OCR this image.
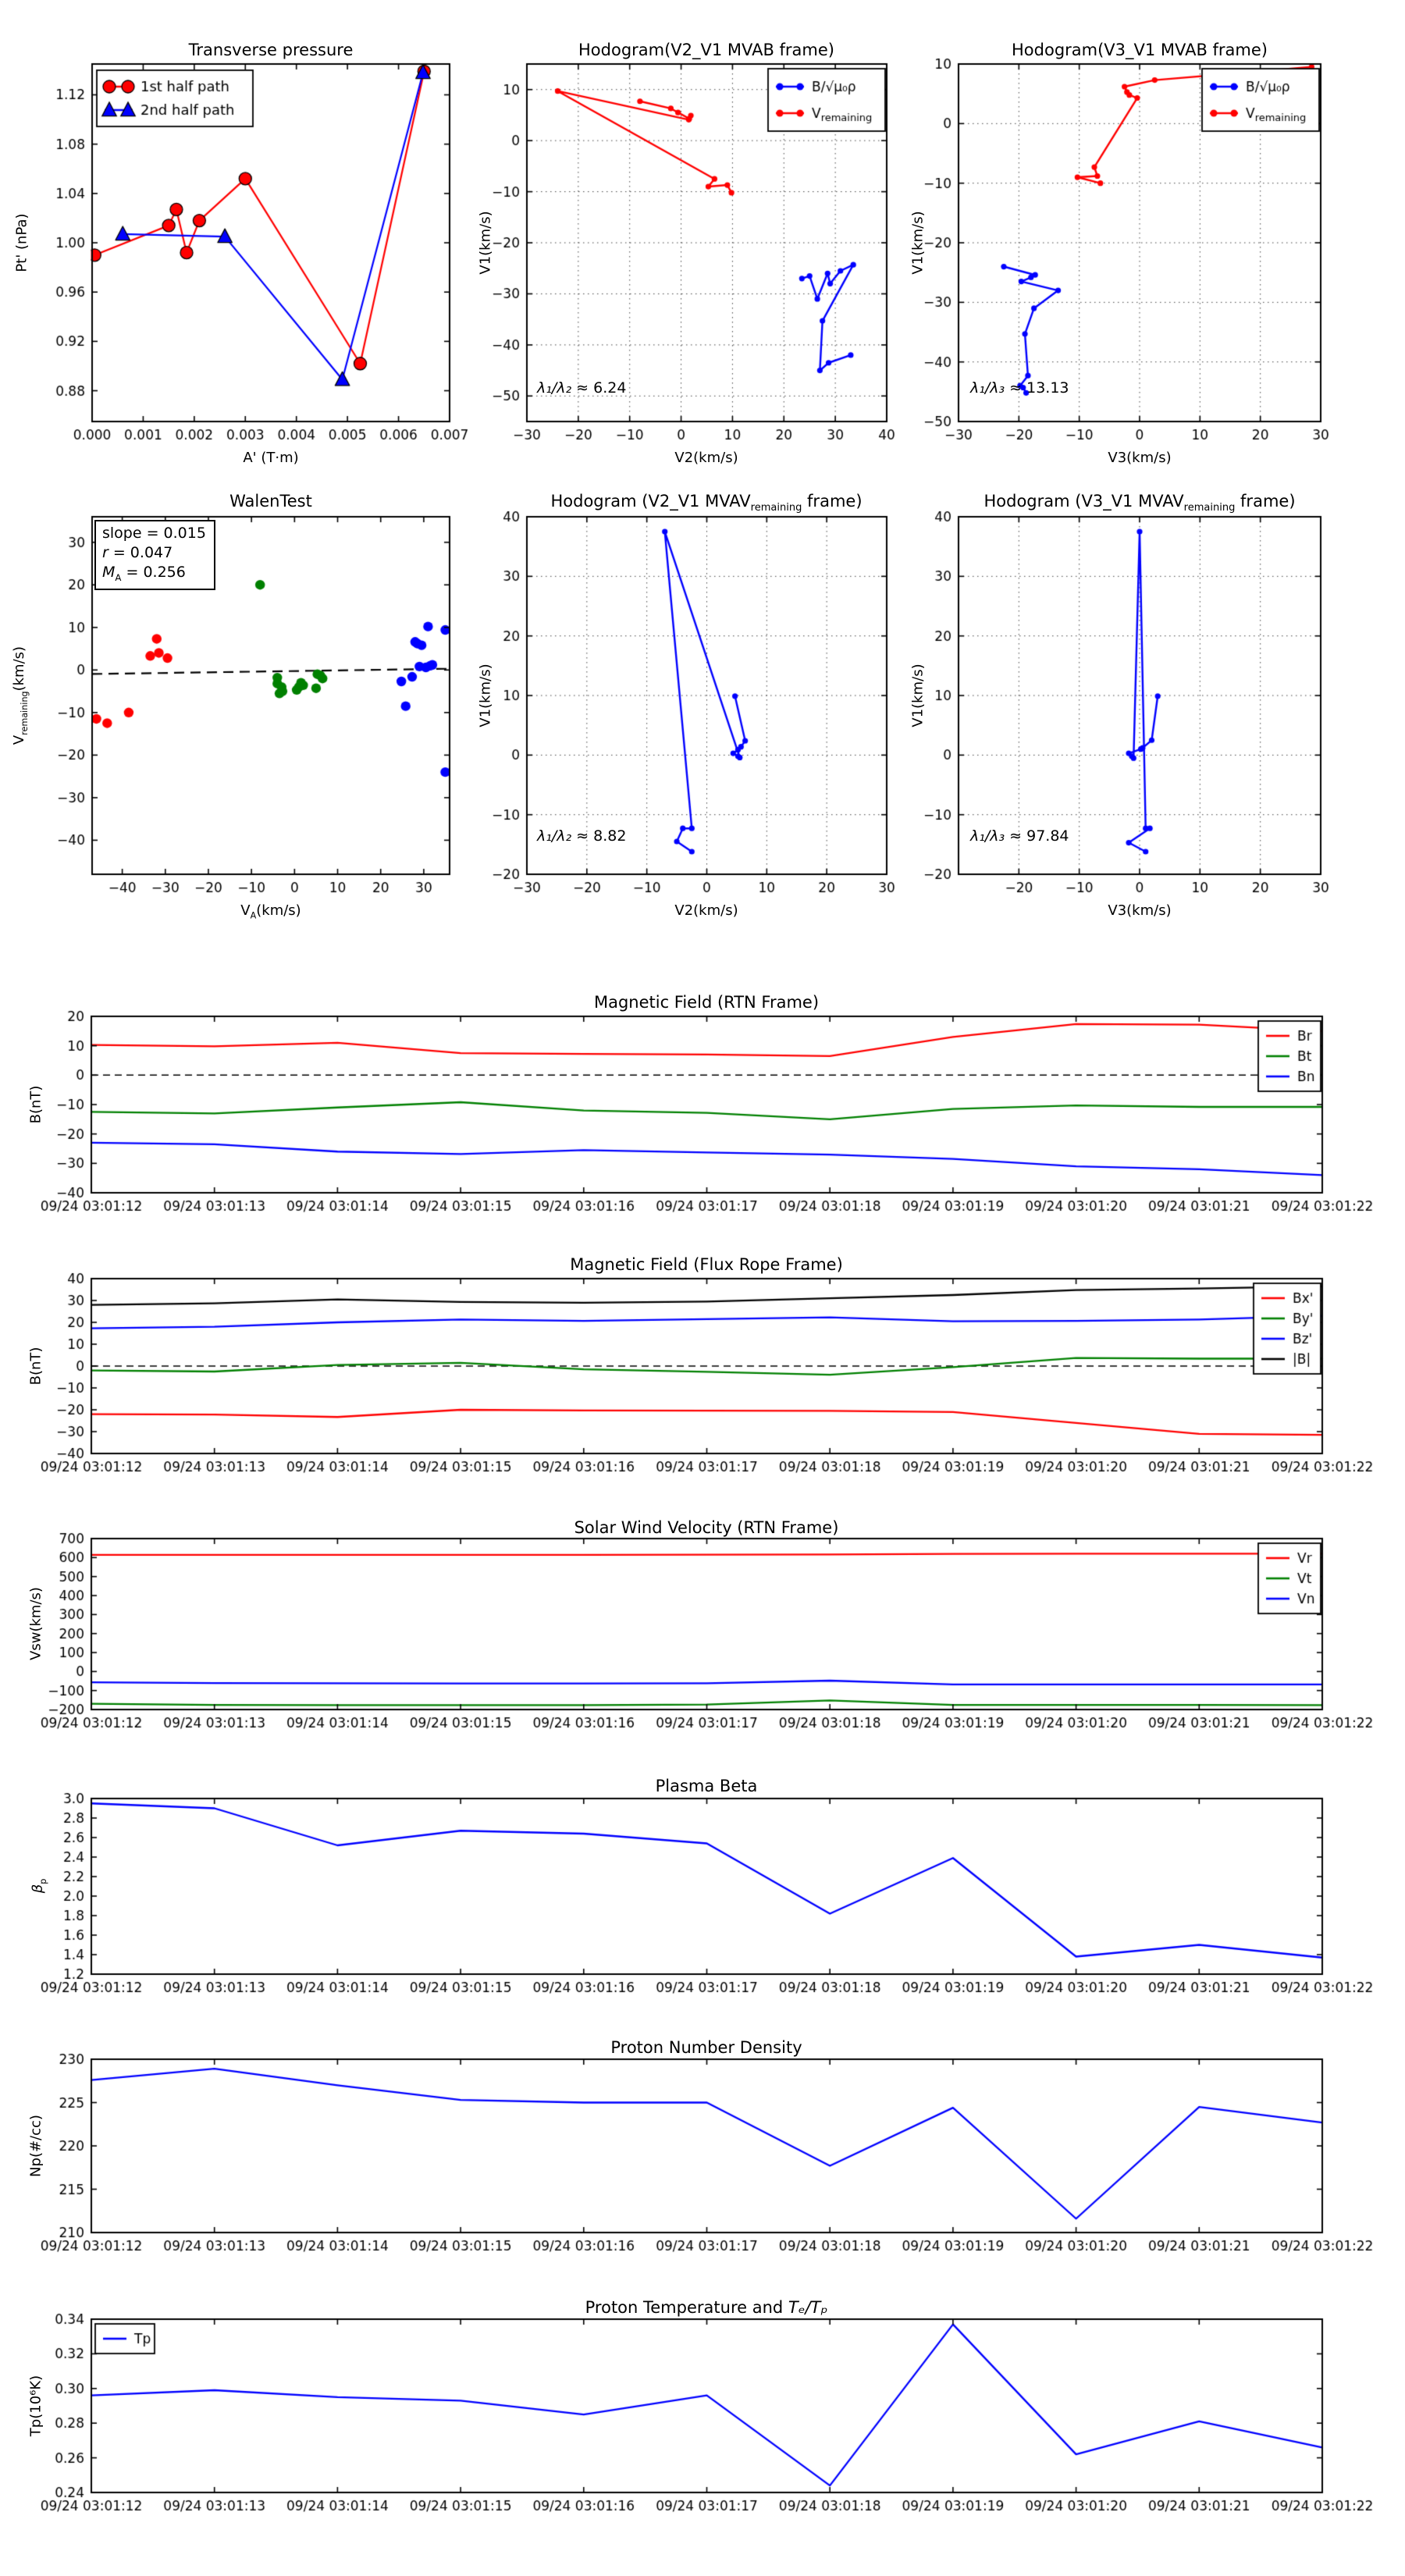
Transverse pressure
Pt' (nPa)
A' (T·m)
Hodogram(V2_V1 MVAB frame)
V1(km/s)
V2(km/s)
λ₁/λ₂ ≈ 6.24
Hodogram(V3_V1 MVAB frame)
V1(km/s)
V3(km/s)
λ₁/λ₃ ≈ 13.13
WalenTest
$V_{remaining}(km/s)$
$V_A(km/s)$
slope = 0.015
r = 0.047
$M_A = 0.256$
Hodogram (V2_V1 $MVAV_{remaining}$ frame)
V1(km/s)
V2(km/s)
λ₁/λ₂ ≈ 8.82
Hodogram (V3_V1 $MVAV_{remaining}$ frame)
V1(km/s)
V3(km/s)
λ₁/λ₃ ≈ 97.84
Magnetic Field (RTN Frame)
B(nT)
Magnetic Field (Flux Rope Frame)
B(nT)
Solar Wind Velocity (RTN Frame)
Vsw(km/s)
Plasma Beta
$\beta_p$
Proton Number Density
Np(#/cc)
Proton Temperature and Tₑ/Tₚ
Tp(10⁶K)
